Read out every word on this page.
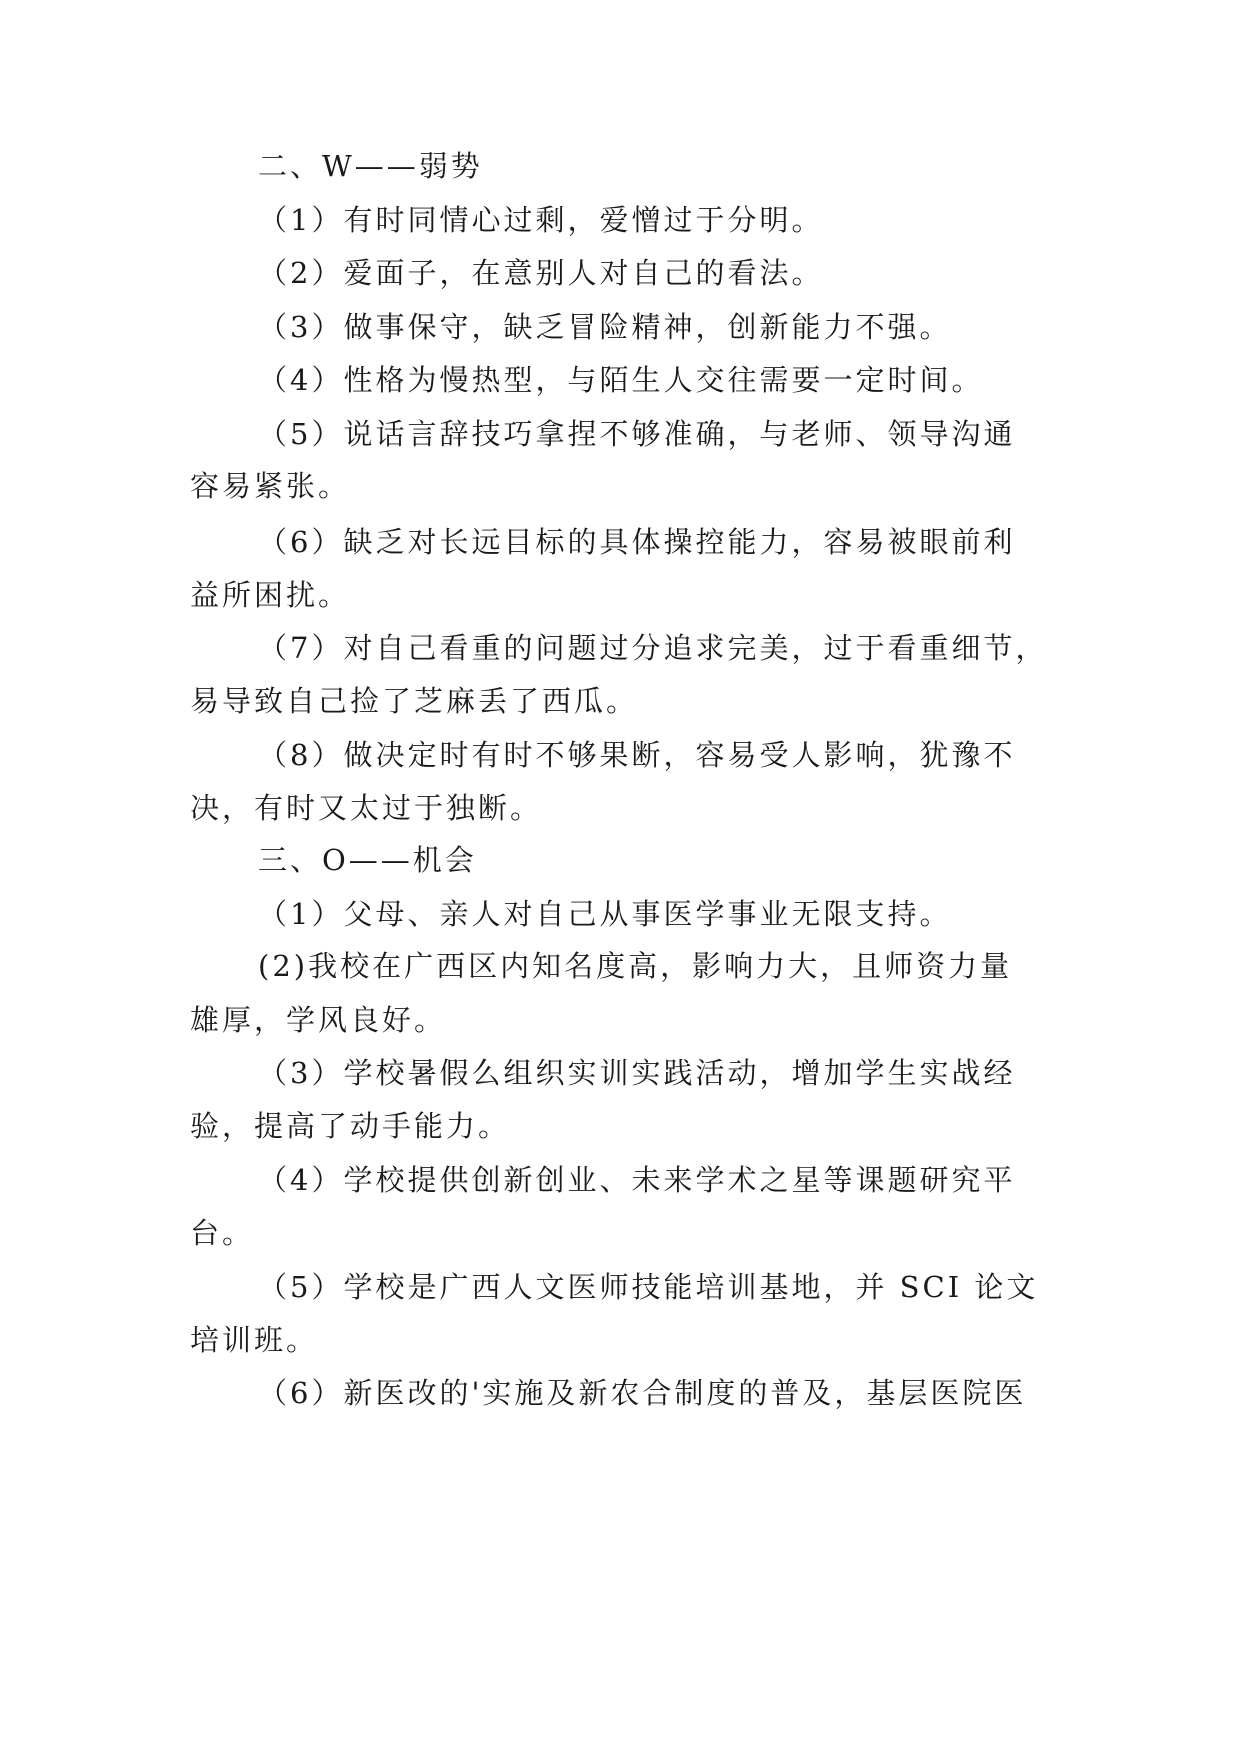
二、W——弱势
（1）有时同情心过剩，爱憎过于分明。
（2）爱面子，在意别人对自己的看法。
（3）做事保守，缺乏冒险精神，创新能力不强。
（4）性格为慢热型，与陌生人交往需要一定时间。
（5）说话言辞技巧拿捏不够准确，与老师、领导沟通
容易紧张。
（6）缺乏对长远目标的具体操控能力，容易被眼前利
益所困扰。
（7）对自己看重的问题过分追求完美，过于看重细节，
易导致自己捡了芝麻丢了西瓜。
（8）做决定时有时不够果断，容易受人影响，犹豫不
决，有时又太过于独断。
三、O——机会
（1）父母、亲人对自己从事医学事业无限支持。
(2)我校在广西区内知名度高，影响力大，且师资力量
雄厚，学风良好。
（3）学校暑假么组织实训实践活动，增加学生实战经
验，提高了动手能力。
（4）学校提供创新创业、未来学术之星等课题研究平
台。
（5）学校是广西人文医师技能培训基地，并 SCI 论文
培训班。
（6）新医改的'实施及新农合制度的普及，基层医院医
